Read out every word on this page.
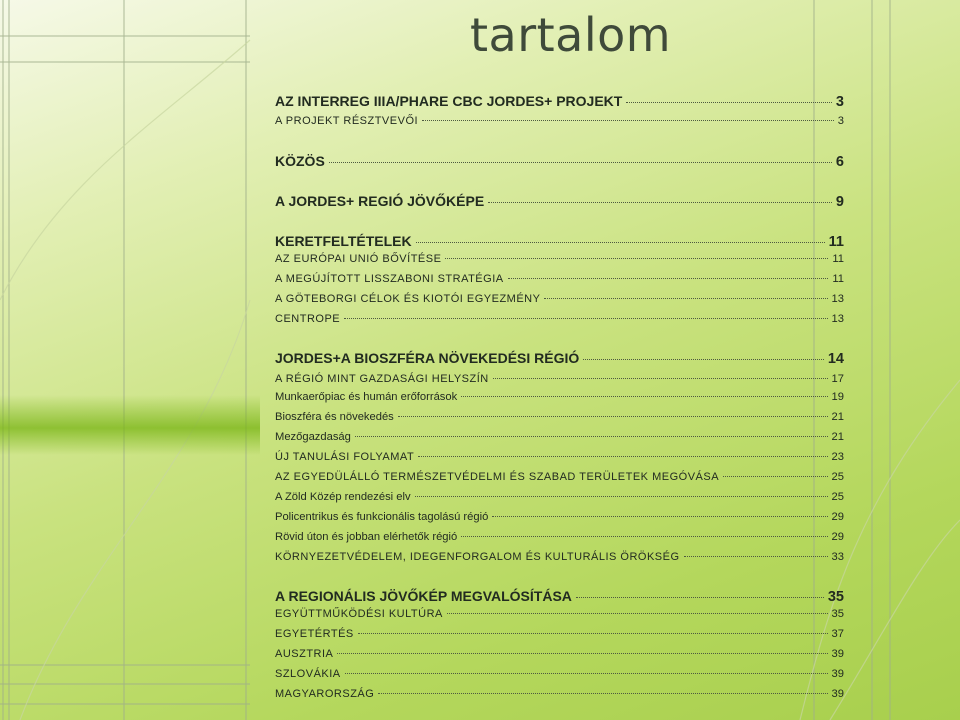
tartalom
AZ INTERREG IIIA/PHARE CBC JORDES+ PROJEKT	3
A PROJEKT RÉSZTVEVŐI	3
KÖZÖS	6
A JORDES+ REGIÓ JÖVŐKÉPE	9
KERETFELTÉTELEK	11
AZ EURÓPAI UNIÓ BŐVÍTÉSE	11
A MEGÚJÍTOTT LISSZABONI STRATÉGIA	11
A GÖTEBORGI CÉLOK ÉS KIOTÓI EGYEZMÉNY	13
CENTROPE	13
JORDES+A BIOSZFÉRA NÖVEKEDÉSI RÉGIÓ	14
A RÉGIÓ MINT GAZDASÁGI HELYSZÍN	17
Munkaerőpiac és humán erőforrások	19
Bioszféra és növekedés	21
Mezőgazdaság	21
ÚJ TANULÁSI FOLYAMAT	23
AZ EGYEDÜLÁLLÓ TERMÉSZETVÉDELMI ÉS SZABAD TERÜLETEK MEGÓVÁSA	25
A Zöld Közép rendezési elv	25
Policentrikus és funkcionális tagolású régió	29
Rövid úton és jobban elérhetők régió	29
KÖRNYEZETVÉDELEM, IDEGENFORGALOM ÉS KULTURÁLIS ÖRÖKSÉG	33
A REGIONÁLIS JÖVŐKÉP MEGVALÓSÍTÁSA	35
EGYÜTTMŰKÖDÉSI KULTÚRA	35
EGYETÉRTÉS	37
AUSZTRIA	39
SZLOVÁKIA	39
MAGYARORSZÁG	39
